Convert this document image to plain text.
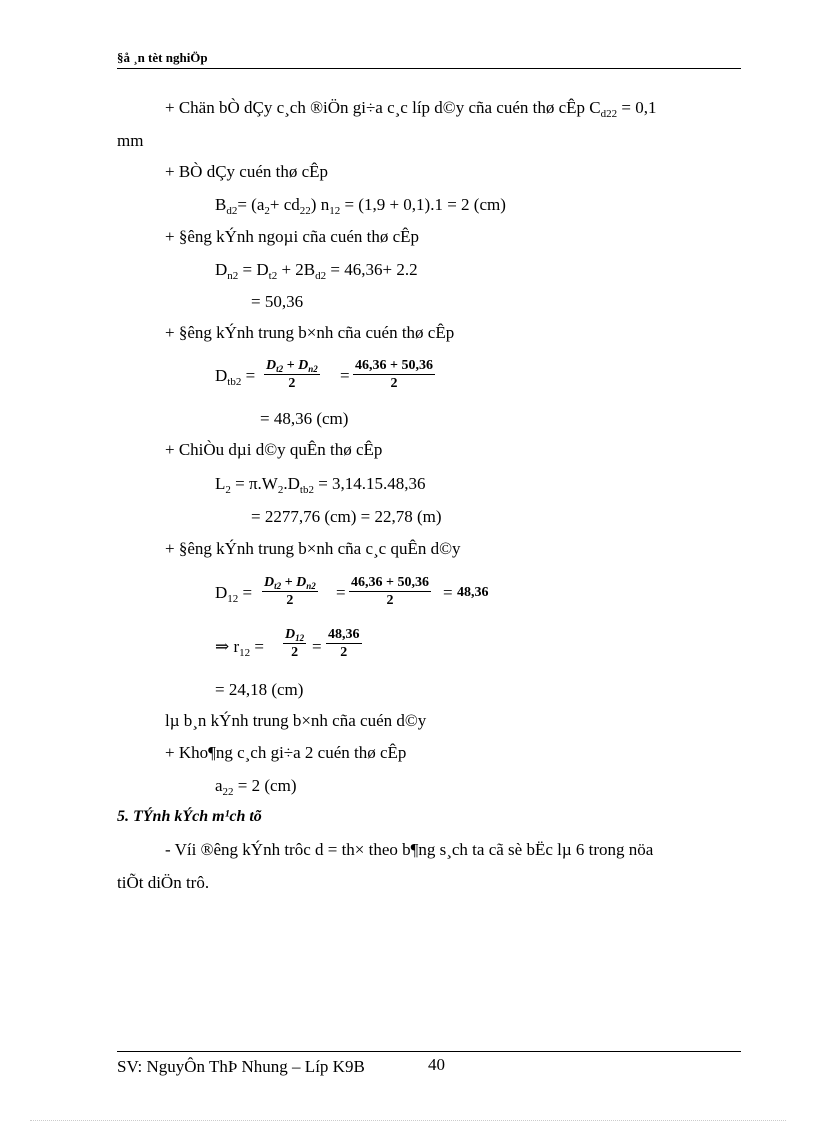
§å ¸n tèt nghiÖp
+ Chän bÒ dÇy c¸ch ®iÖn gi÷a c¸c líp d©y cña cuén thø cÊp $C_{d22} = 0,1$
mm
+ BÒ dÇy cuén thø cÊp
$B_{d2}= (a_2+ cd_{22}) n_{12} = (1,9 + 0,1).1 = 2$ (cm)
+ §êng kÝnh ngoµi cña cuén thø cÊp
$D_{n2} = D_{t2} + 2B_{d2} = 46,36+ 2.2$
= 50,36
+ §êng kÝnh trung b×nh cña cuén thø cÊp
$D_{tb2} = \frac{D_{t2} + D_{n2}}{2} = \frac{46,36 + 50,36}{2}$
= 48,36 (cm)
+ ChiÒu dµi d©y quÊn thø cÊp
$L_2 = \pi.W_2.D_{tb2} = 3,14.15.48,36$
= 2277,76 (cm) = 22,78 (m)
+ §êng kÝnh trung b×nh cña c¸c quÊn d©y
$D_{12} = \frac{D_{t2} + D_{n2}}{2} = \frac{46,36 + 50,36}{2} = 48,36$
⇒ $r_{12} = \frac{D_{12}}{2} = \frac{48,36}{2}$
= 24,18 (cm)
lµ b¸n kÝnh trung b×nh cña cuén d©y
+ Kho¶ng c¸ch gi÷a 2 cuén thø cÊp
$a_{22} = 2$ (cm)
5. TÝnh kÝch m¹ch tõ
- Víi ®êng kÝnh trôc d = th× theo b¶ng s¸ch ta cã sè bËc lµ 6 trong nöa
tiÕt diÖn trô.
SV: NguyÔn ThÞ Nhung – Líp K9B	40
